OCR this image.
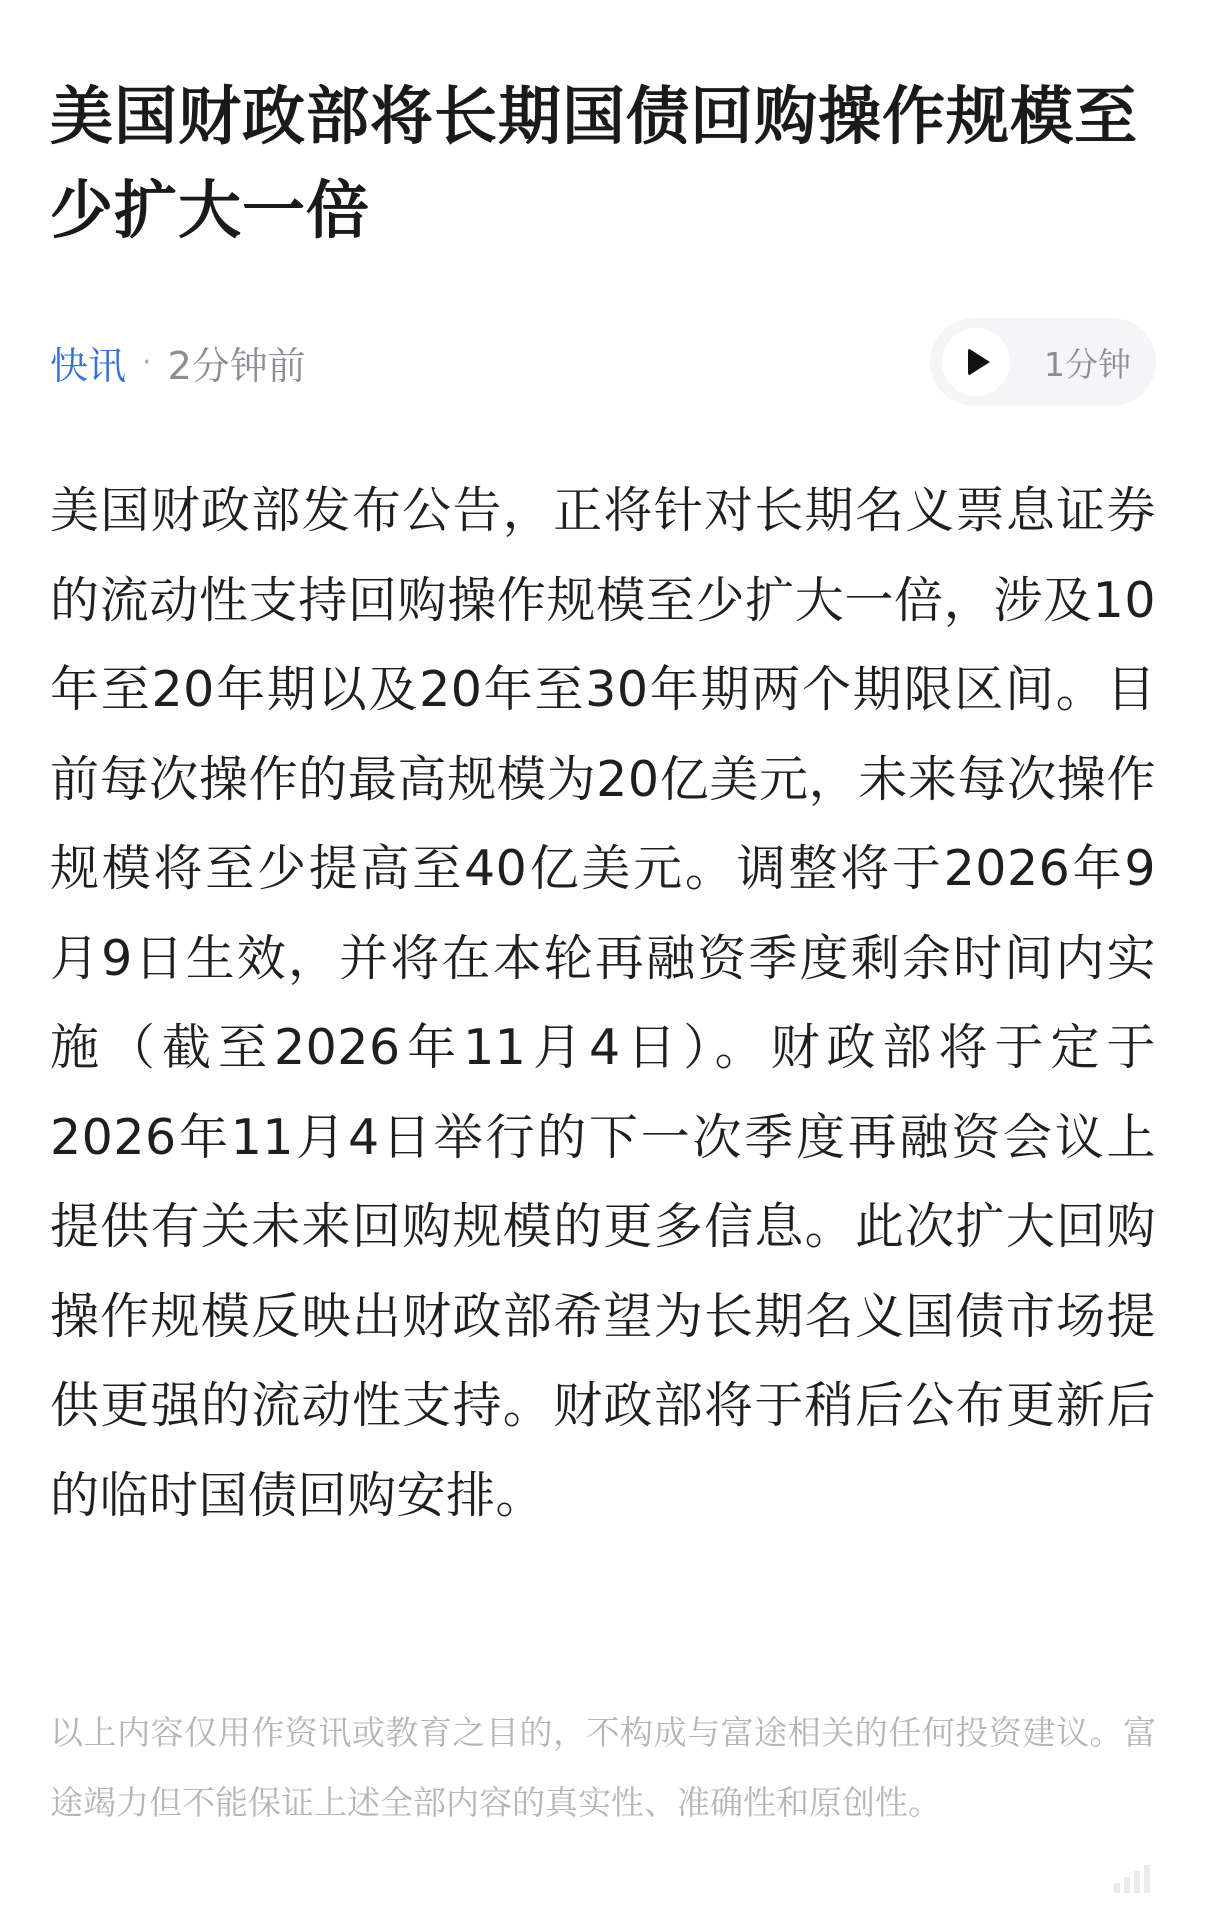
美国财政部将长期国债回购操作规模至少扩大一倍
快讯 · 2分钟前	1分钟

美国财政部发布公告，正将针对长期名义票息证券的流动性支持回购操作规模至少扩大一倍，涉及10年至20年期以及20年至30年期两个期限区间。目前每次操作的最高规模为20亿美元，未来每次操作规模将至少提高至40亿美元。调整将于2026年9月9日生效，并将在本轮再融资季度剩余时间内实施（截至2026年11月4日）。财政部将于定于2026年11月4日举行的下一次季度再融资会议上提供有关未来回购规模的更多信息。此次扩大回购操作规模反映出财政部希望为长期名义国债市场提供更强的流动性支持。财政部将于稍后公布更新后的临时国债回购安排。

以上内容仅用作资讯或教育之目的，不构成与富途相关的任何投资建议。富途竭力但不能保证上述全部内容的真实性、准确性和原创性。
